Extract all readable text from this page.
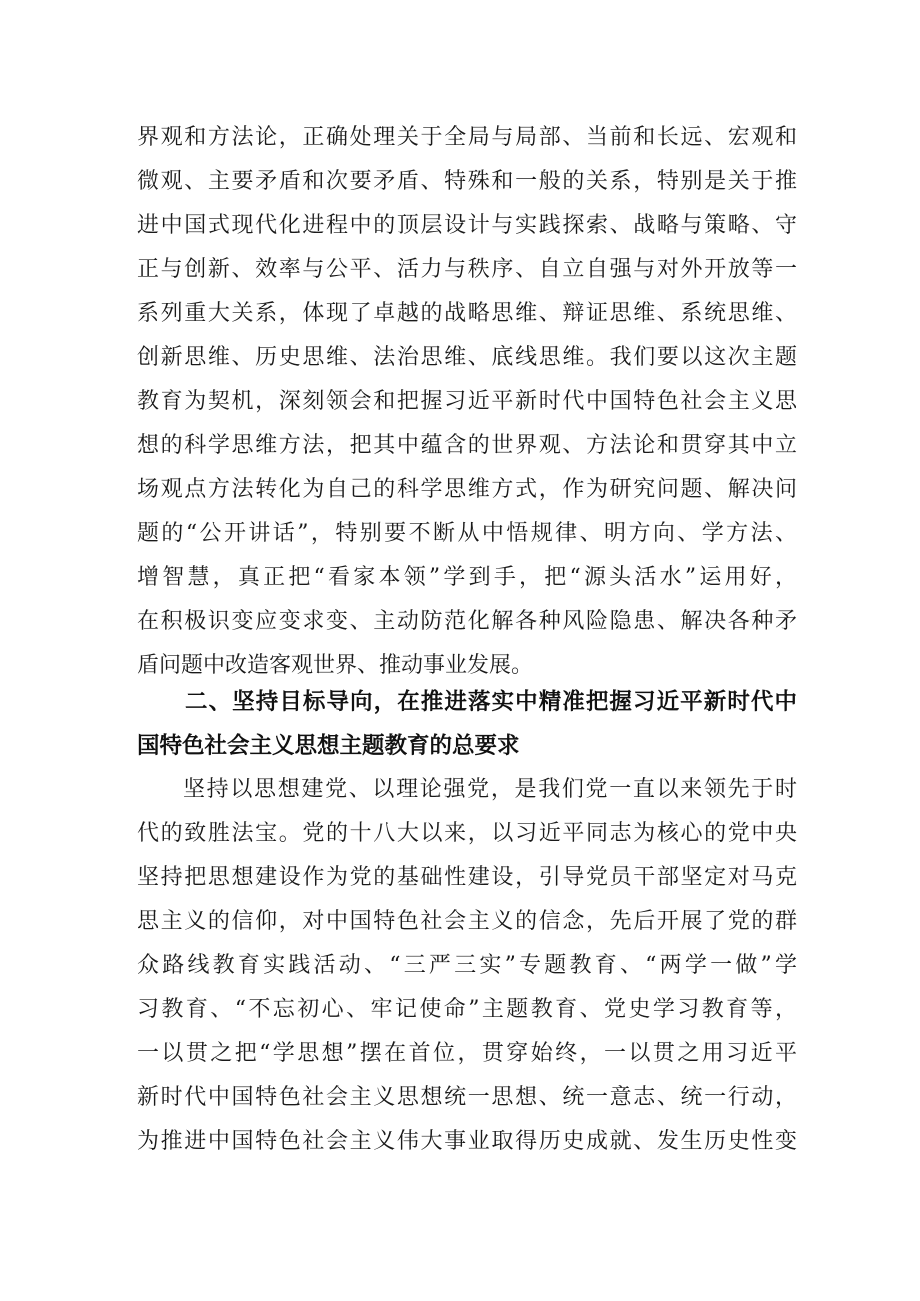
界观和方法论，正确处理关于全局与局部、当前和长远、宏观和
微观、主要矛盾和次要矛盾、特殊和一般的关系，特别是关于推
进中国式现代化进程中的顶层设计与实践探索、战略与策略、守
正与创新、效率与公平、活力与秩序、自立自强与对外开放等一
系列重大关系，体现了卓越的战略思维、辩证思维、系统思维、
创新思维、历史思维、法治思维、底线思维。我们要以这次主题
教育为契机，深刻领会和把握习近平新时代中国特色社会主义思
想的科学思维方法，把其中蕴含的世界观、方法论和贯穿其中立
场观点方法转化为自己的科学思维方式，作为研究问题、解决问
题的“公开讲话”，特别要不断从中悟规律、明方向、学方法、
增智慧，真正把“看家本领”学到手，把“源头活水”运用好，
在积极识变应变求变、主动防范化解各种风险隐患、解决各种矛
盾问题中改造客观世界、推动事业发展。
二、坚持目标导向，在推进落实中精准把握习近平新时代中
国特色社会主义思想主题教育的总要求
坚持以思想建党、以理论强党，是我们党一直以来领先于时
代的致胜法宝。党的十八大以来，以习近平同志为核心的党中央
坚持把思想建设作为党的基础性建设，引导党员干部坚定对马克
思主义的信仰，对中国特色社会主义的信念，先后开展了党的群
众路线教育实践活动、“三严三实”专题教育、“两学一做”学
习教育、“不忘初心、牢记使命”主题教育、党史学习教育等，
一以贯之把“学思想”摆在首位，贯穿始终，一以贯之用习近平
新时代中国特色社会主义思想统一思想、统一意志、统一行动，
为推进中国特色社会主义伟大事业取得历史成就、发生历史性变
